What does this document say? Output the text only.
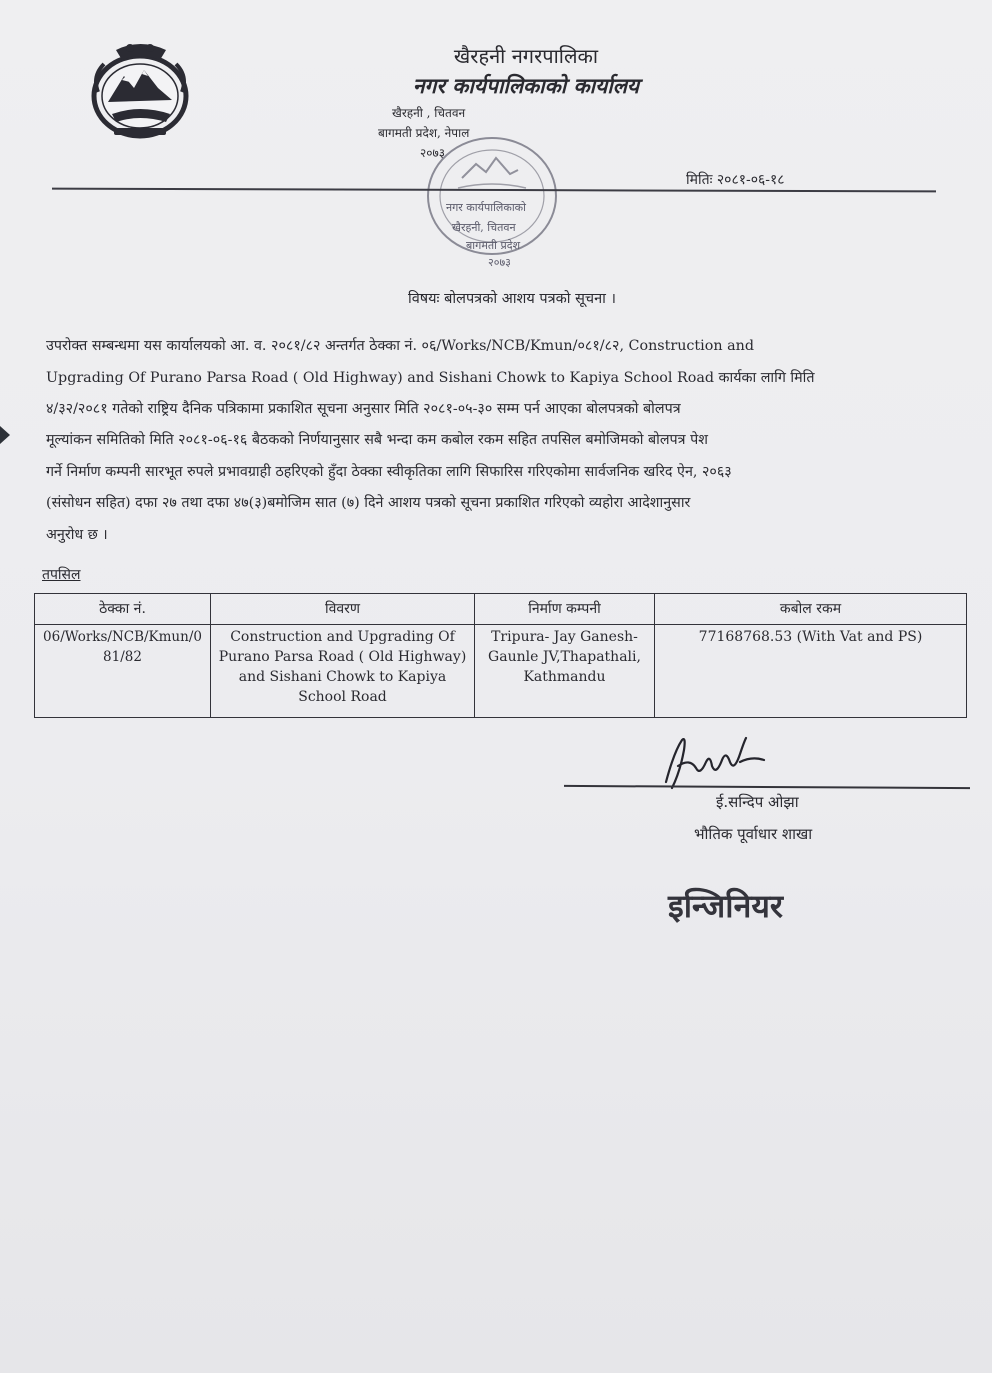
खैरहनी नगरपालिका
नगर कार्यपालिकाको कार्यालय
खैरहनी , चितवन
बागमती प्रदेश, नेपाल
२०७३
नगर कार्यपालिकाको
खैरहनी, चितवन
बागमती प्रदेश
२०७३
मितिः २०८१-०६-१८
विषयः बोलपत्रको आशय पत्रको सूचना ।
उपरोक्त सम्बन्धमा यस कार्यालयको आ. व. २०८१/८२ अन्तर्गत ठेक्का नं. ०६/Works/NCB/Kmun/०८१/८२, Construction and
Upgrading Of Purano Parsa Road ( Old Highway) and Sishani Chowk to Kapiya School Road कार्यका लागि मिति
४/३२/२०८१ गतेको राष्ट्रिय दैनिक पत्रिकामा प्रकाशित सूचना अनुसार मिति २०८१-०५-३० सम्म पर्न आएका बोलपत्रको बोलपत्र
मूल्यांकन समितिको मिति २०८१-०६-१६ बैठकको निर्णयानुसार सबै भन्दा कम कबोल रकम सहित तपसिल बमोजिमको बोलपत्र पेश
गर्ने निर्माण कम्पनी सारभूत रुपले प्रभावग्राही ठहरिएको हुँदा ठेक्का स्वीकृतिका लागि सिफारिस गरिएकोमा सार्वजनिक खरिद ऐन, २०६३
(संसोधन सहित) दफा २७ तथा दफा ४७(३)बमोजिम सात (७) दिने आशय पत्रको सूचना प्रकाशित गरिएको व्यहोरा आदेशानुसार
अनुरोध छ ।
तपसिल
ठेक्का नं.	विवरण	निर्माण कम्पनी	कबोल रकम
06/Works/NCB/Kmun/081/82	Construction and Upgrading Of Purano Parsa Road ( Old Highway) and Sishani Chowk to Kapiya School Road	Tripura- Jay Ganesh-Gaunle JV,Thapathali, Kathmandu	77168768.53 (With Vat and PS)
ई.सन्दिप ओझा
भौतिक पूर्वाधार शाखा
इन्जिनियर
